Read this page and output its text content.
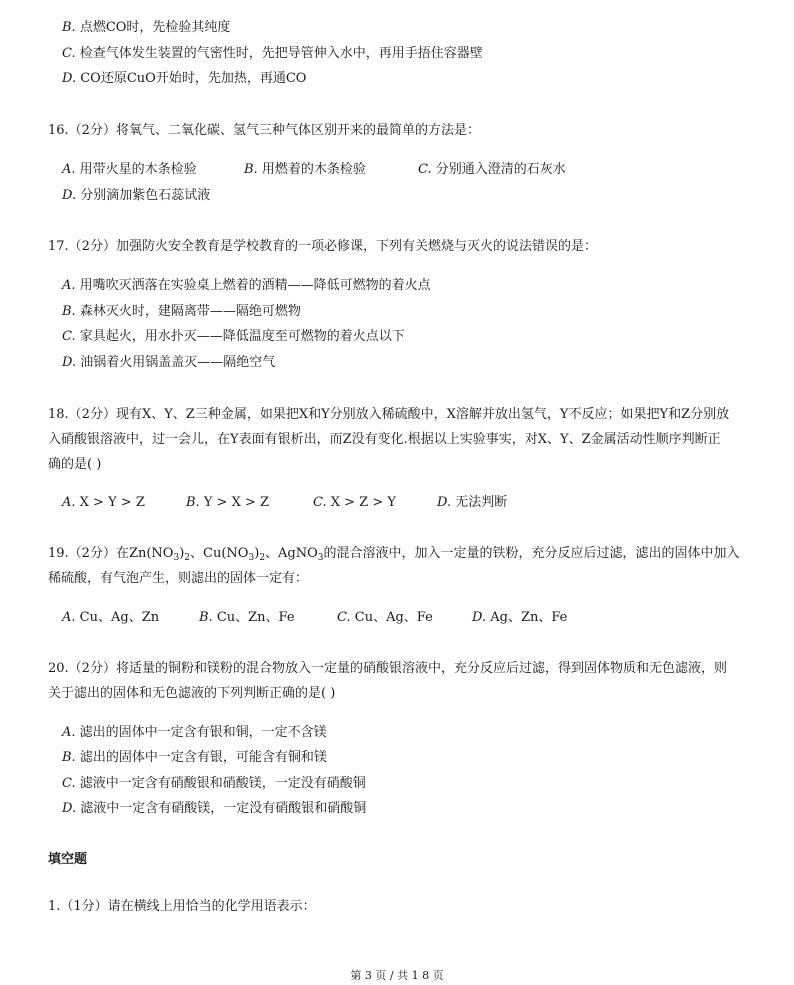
B. 点燃CO时，先检验其纯度
C. 检查气体发生装置的气密性时，先把导管伸入水中，再用手捂住容器壁
D. CO还原CuO开始时，先加热，再通CO
16.（2分）将氧气、二氧化碳、氢气三种气体区别开来的最简单的方法是：
A. 用带火星的木条检验	B. 用燃着的木条检验	C. 分别通入澄清的石灰水
D. 分别滴加紫色石蕊试液
17.（2分）加强防火安全教育是学校教育的一项必修课，下列有关燃烧与灭火的说法错误的是：
A. 用嘴吹灭洒落在实验桌上燃着的酒精——降低可燃物的着火点
B. 森林灭火时，建隔离带——隔绝可燃物
C. 家具起火，用水扑灭——降低温度至可燃物的着火点以下
D. 油锅着火用锅盖盖灭——隔绝空气
18.（2分）现有X、Y、Z三种金属，如果把X和Y分别放入稀硫酸中，X溶解并放出氢气，Y不反应；如果把Y和Z分别放
入硝酸银溶液中，过一会儿，在Y表面有银析出，而Z没有变化.根据以上实验事实，对X、Y、Z金属活动性顺序判断正
确的是( )
A. X > Y > Z	B. Y > X > Z	C. X > Z > Y	D. 无法判断
19.（2分）在$Zn(NO_3)_2$、$Cu(NO_3)_2$、AgNO$_3$的混合溶液中，加入一定量的铁粉，充分反应后过滤，滤出的固体中加入
稀硫酸，有气泡产生，则滤出的固体一定有：
A. Cu、Ag、Zn	B. Cu、Zn、Fe	C. Cu、Ag、Fe	D. Ag、Zn、Fe
20.（2分）将适量的铜粉和镁粉的混合物放入一定量的硝酸银溶液中，充分反应后过滤，得到固体物质和无色滤液，则
关于滤出的固体和无色滤液的下列判断正确的是( )
A. 滤出的固体中一定含有银和铜，一定不含镁
B. 滤出的固体中一定含有银，可能含有铜和镁
C. 滤液中一定含有硝酸银和硝酸镁，一定没有硝酸铜
D. 滤液中一定含有硝酸镁，一定没有硝酸银和硝酸铜
填空题
1.（1分）请在横线上用恰当的化学用语表示：
第 3 页 / 共 1 8 页
